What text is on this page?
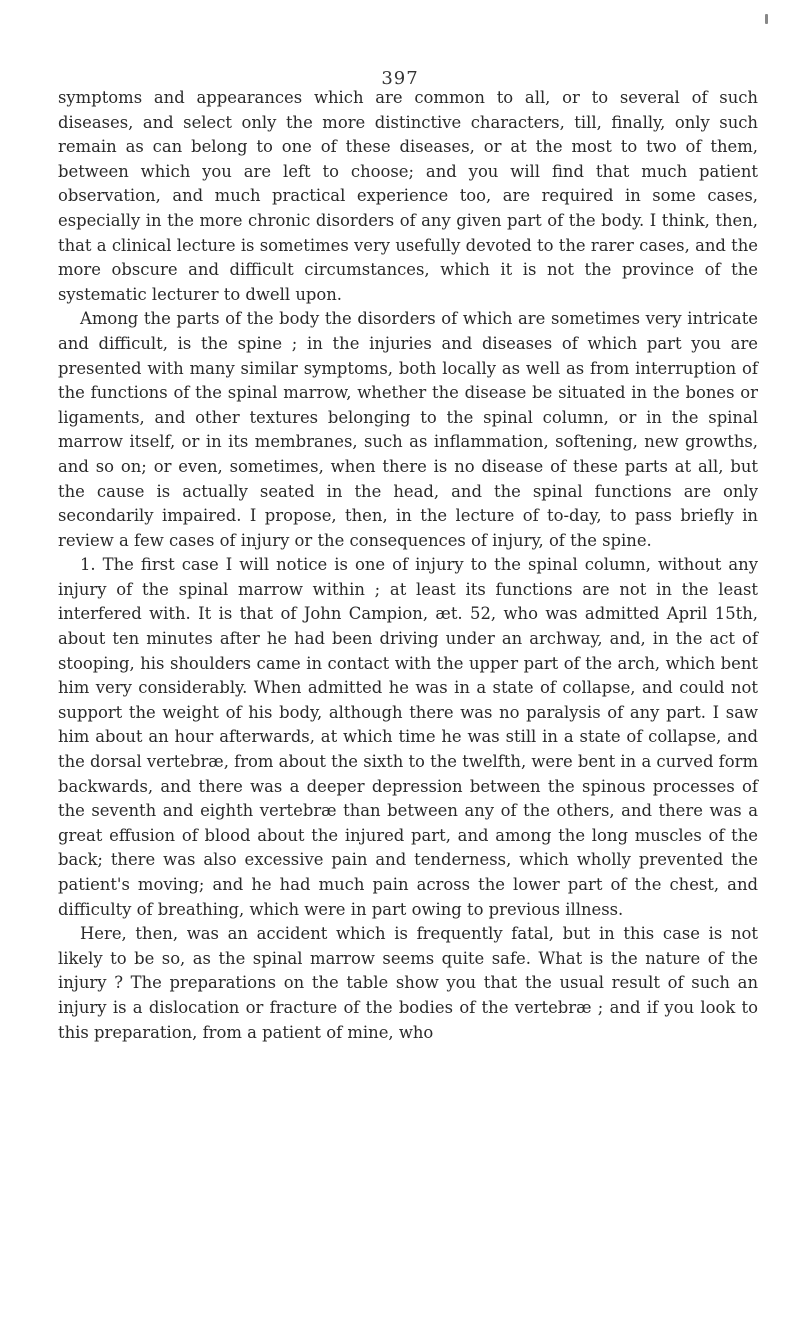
397

symptoms and appearances which are common to all, or to several of such diseases, and select only the more distinctive characters, till, finally, only such remain as can belong to one of these diseases, or at the most to two of them, between which you are left to choose; and you will find that much patient observation, and much practical experience too, are required in some cases, especially in the more chronic disorders of any given part of the body. I think, then, that a clinical lecture is sometimes very usefully devoted to the rarer cases, and the more obscure and difficult circumstances, which it is not the province of the systematic lecturer to dwell upon.

Among the parts of the body the disorders of which are sometimes very intricate and difficult, is the spine ; in the injuries and diseases of which part you are presented with many similar symptoms, both locally as well as from interruption of the functions of the spinal marrow, whether the disease be situated in the bones or ligaments, and other textures belonging to the spinal column, or in the spinal marrow itself, or in its membranes, such as inflammation, softening, new growths, and so on; or even, sometimes, when there is no disease of these parts at all, but the cause is actually seated in the head, and the spinal functions are only secondarily impaired. I propose, then, in the lecture of to-day, to pass briefly in review a few cases of injury or the consequences of injury, of the spine.

1. The first case I will notice is one of injury to the spinal column, without any injury of the spinal marrow within ; at least its functions are not in the least interfered with. It is that of John Campion, æt. 52, who was admitted April 15th, about ten minutes after he had been driving under an archway, and, in the act of stooping, his shoulders came in contact with the upper part of the arch, which bent him very considerably. When admitted he was in a state of collapse, and could not support the weight of his body, although there was no paralysis of any part. I saw him about an hour afterwards, at which time he was still in a state of collapse, and the dorsal vertebræ, from about the sixth to the twelfth, were bent in a curved form backwards, and there was a deeper depression between the spinous processes of the seventh and eighth vertebræ than between any of the others, and there was a great effusion of blood about the injured part, and among the long muscles of the back; there was also excessive pain and tenderness, which wholly prevented the patient's moving; and he had much pain across the lower part of the chest, and difficulty of breathing, which were in part owing to previous illness.

Here, then, was an accident which is frequently fatal, but in this case is not likely to be so, as the spinal marrow seems quite safe. What is the nature of the injury ? The preparations on the table show you that the usual result of such an injury is a dislocation or fracture of the bodies of the vertebræ ; and if you look to this preparation, from a patient of mine, who
